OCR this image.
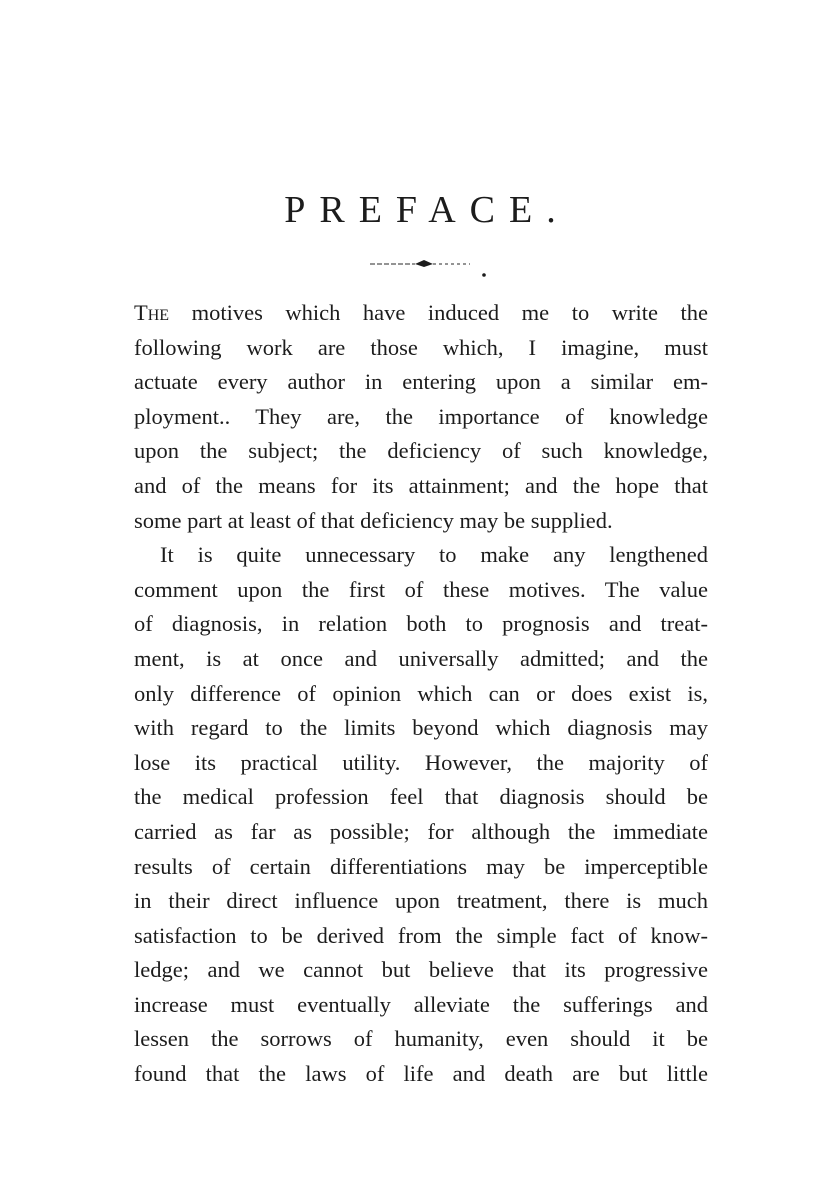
PREFACE.
The motives which have induced me to write the
following work are those which, I imagine, must
actuate every author in entering upon a similar em-
ployment.. They are, the importance of knowledge
upon the subject; the deficiency of such knowledge,
and of the means for its attainment; and the hope that
some part at least of that deficiency may be supplied.
It is quite unnecessary to make any lengthened
comment upon the first of these motives. The value
of diagnosis, in relation both to prognosis and treat-
ment, is at once and universally admitted; and the
only difference of opinion which can or does exist is,
with regard to the limits beyond which diagnosis may
lose its practical utility. However, the majority of
the medical profession feel that diagnosis should be
carried as far as possible; for although the immediate
results of certain differentiations may be imperceptible
in their direct influence upon treatment, there is much
satisfaction to be derived from the simple fact of know-
ledge; and we cannot but believe that its progressive
increase must eventually alleviate the sufferings and
lessen the sorrows of humanity, even should it be
found that the laws of life and death are but little
